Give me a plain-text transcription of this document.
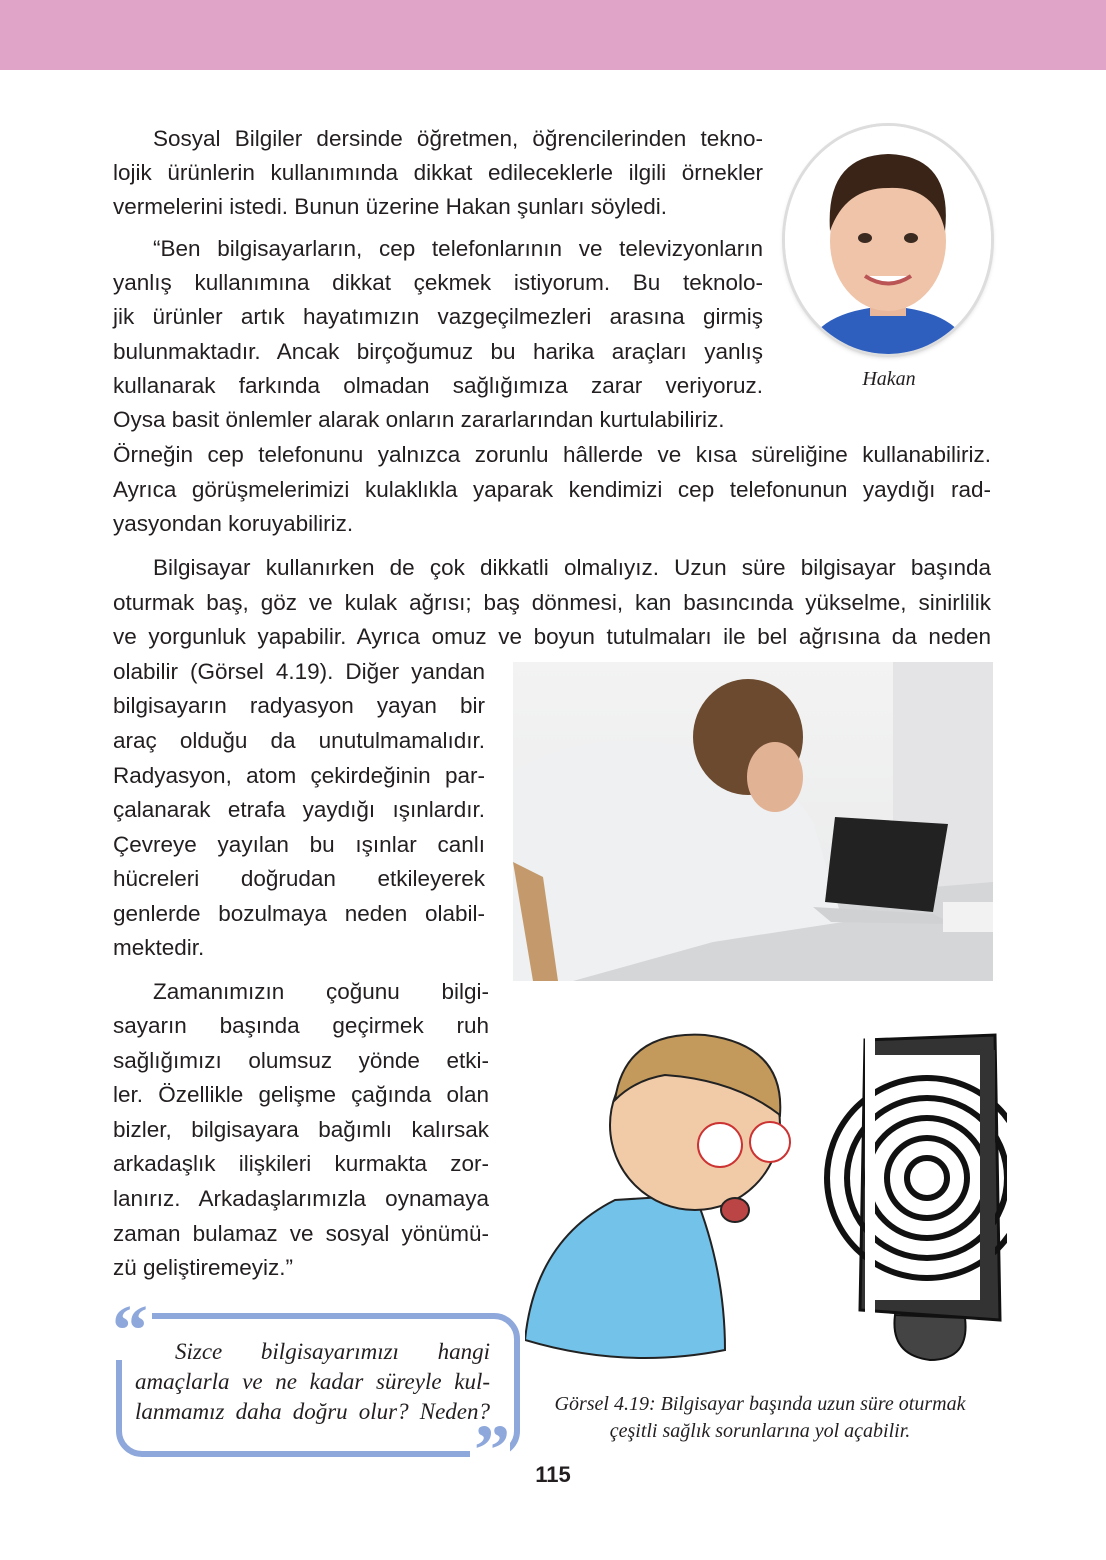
Hakan
Sosyal Bilgiler dersinde öğretmen, öğrencilerinden tekno-
lojik ürünlerin kullanımında dikkat edileceklerle ilgili örnekler
vermelerini istedi. Bunun üzerine Hakan şunları söyledi.
“Ben bilgisayarların, cep telefonlarının ve televizyonların
yanlış kullanımına dikkat çekmek istiyorum. Bu teknolo-
jik ürünler artık hayatımızın vazgeçilmezleri arasına girmiş
bulunmaktadır. Ancak birçoğumuz bu harika araçları yanlış
kullanarak farkında olmadan sağlığımıza zarar veriyoruz.
Oysa basit önlemler alarak onların zararlarından kurtulabiliriz.
Örneğin cep telefonunu yalnızca zorunlu hâllerde ve kısa süreliğine kullanabiliriz.
Ayrıca görüşmelerimizi kulaklıkla yaparak kendimizi cep telefonunun yaydığı rad-
yasyondan koruyabiliriz.
Bilgisayar kullanırken de çok dikkatli olmalıyız. Uzun süre bilgisayar başında
oturmak baş, göz ve kulak ağrısı; baş dönmesi, kan basıncında yükselme, sinirlilik
ve yorgunluk yapabilir. Ayrıca omuz ve boyun tutulmaları ile bel ağrısına da neden
olabilir (Görsel 4.19). Diğer yandan
bilgisayarın radyasyon yayan bir
araç olduğu da unutulmamalıdır.
Radyasyon, atom çekirdeğinin par-
çalanarak etrafa yaydığı ışınlardır.
Çevreye yayılan bu ışınlar canlı
hücreleri doğrudan etkileyerek
genlerde bozulmaya neden olabil-
mektedir.
Zamanımızın çoğunu bilgi-
sayarın başında geçirmek ruh
sağlığımızı olumsuz yönde etki-
ler. Özellikle gelişme çağında olan
bizler, bilgisayara bağımlı kalırsak
arkadaşlık ilişkileri kurmakta zor-
lanırız. Arkadaşlarımızla oynamaya
zaman bulamaz ve sosyal yönümü-
zü geliştiremeyiz.”
“
”
Sizce bilgisayarımızı hangi
amaçlarla ve ne kadar süreyle kul-
lanmamız daha doğru olur? Neden?	Görsel 4.19: Bilgisayar başında uzun süre oturmak
çeşitli sağlık sorunlarına yol açabilir.
115
